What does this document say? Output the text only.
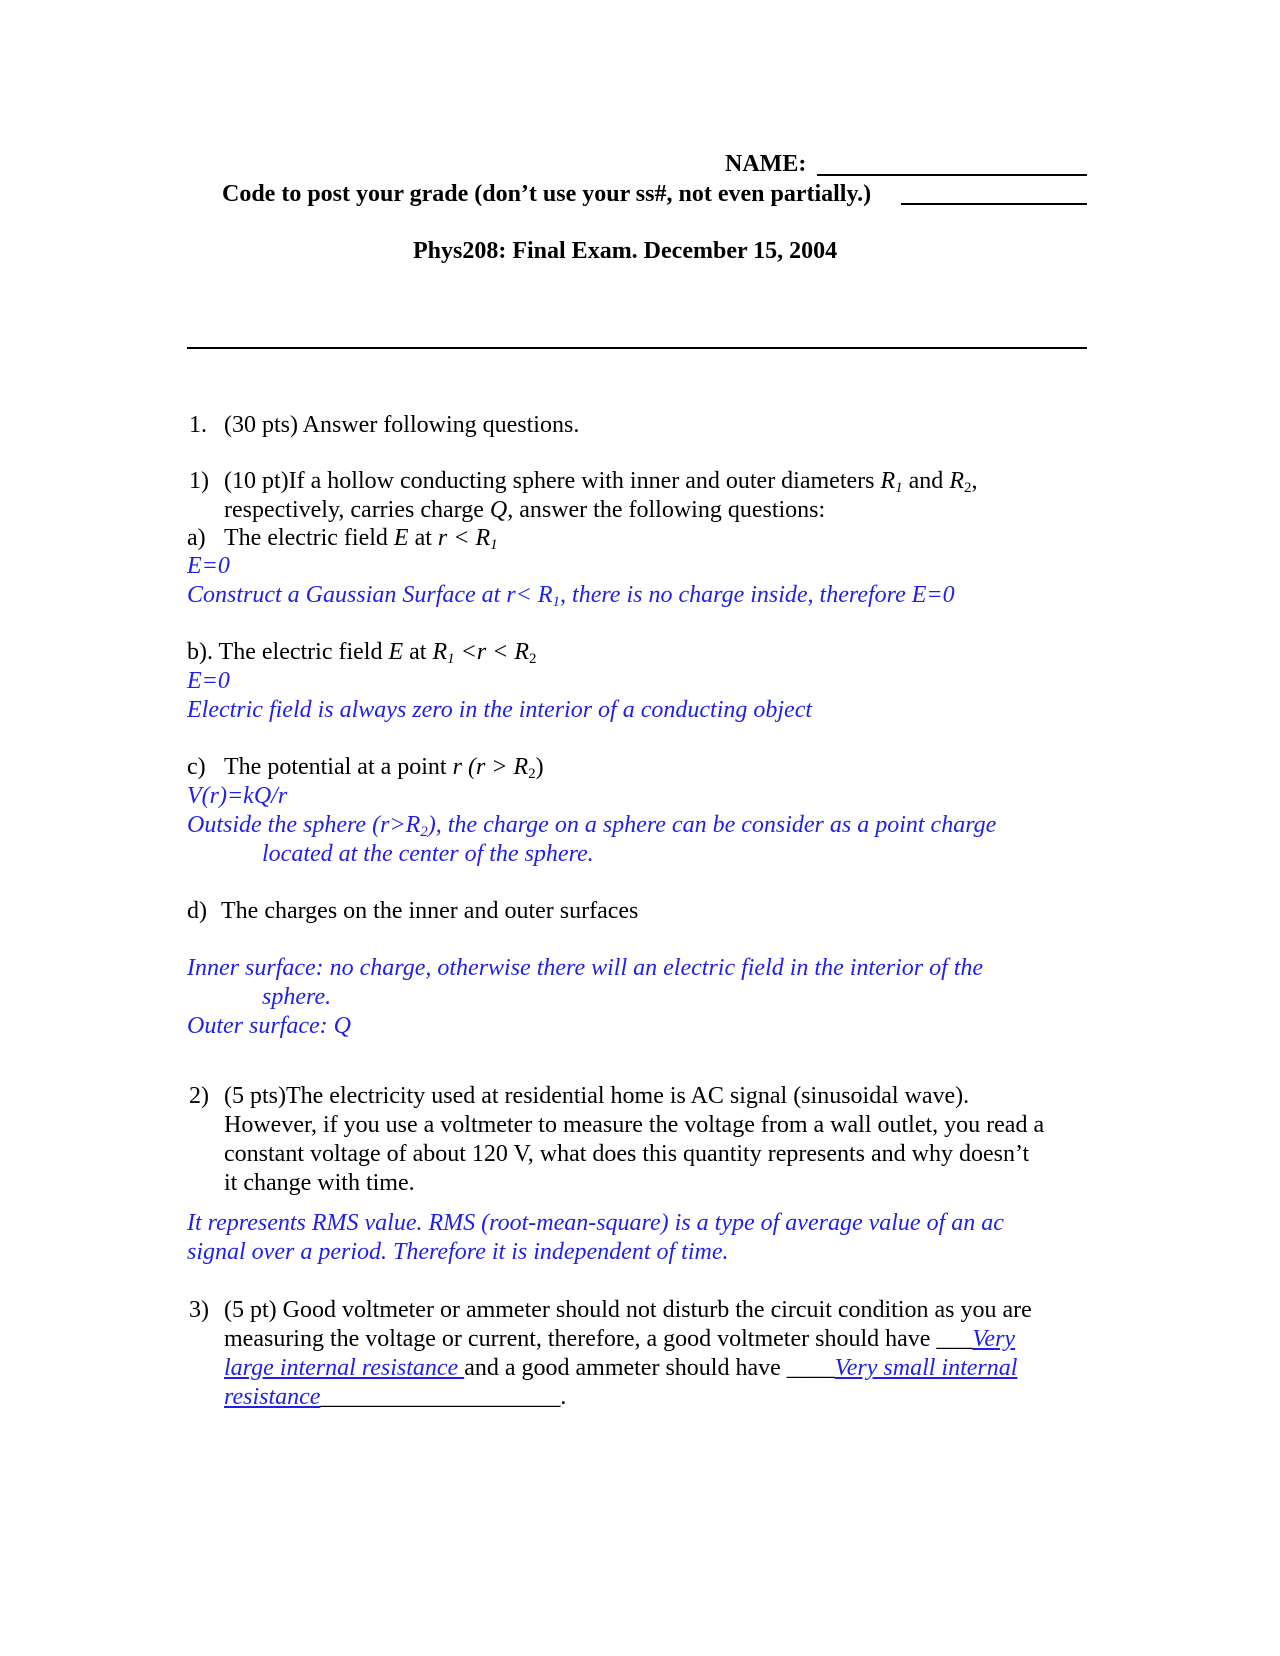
NAME:
Code to post your grade (don’t use your ss#, not even partially.)
Phys208: Final Exam. December 15, 2004
1. (30 pts) Answer following questions.
1) (10 pt)If a hollow conducting sphere with inner and outer diameters $R_1$ and $R_2$,
respectively, carries charge Q, answer the following questions:
a) The electric field E at $r < R_1$
E=0
Construct a Gaussian Surface at $r< R_1$, there is no charge inside, therefore E=0
b). The electric field E at $R_1 <r < R_2$
E=0
Electric field is always zero in the interior of a conducting object
c) The potential at a point r $(r > R_2)$
V(r)=kQ/r
Outside the sphere $(r>R_2)$, the charge on a sphere can be consider as a point charge
located at the center of the sphere.
d) The charges on the inner and outer surfaces
Inner surface: no charge, otherwise there will an electric field in the interior of the
sphere.
Outer surface: Q
2) (5 pts)The electricity used at residential home is AC signal (sinusoidal wave).
However, if you use a voltmeter to measure the voltage from a wall outlet, you read a
constant voltage of about 120 V, what does this quantity represents and why doesn’t
it change with time.
It represents RMS value. RMS (root-mean-square) is a type of average value of an ac
signal over a period. Therefore it is independent of time.
3) (5 pt) Good voltmeter or ammeter should not disturb the circuit condition as you are
measuring the voltage or current, therefore, a good voltmeter should have ___Very
large internal resistance and a good ammeter should have ____Very small internal
resistance____________________.
